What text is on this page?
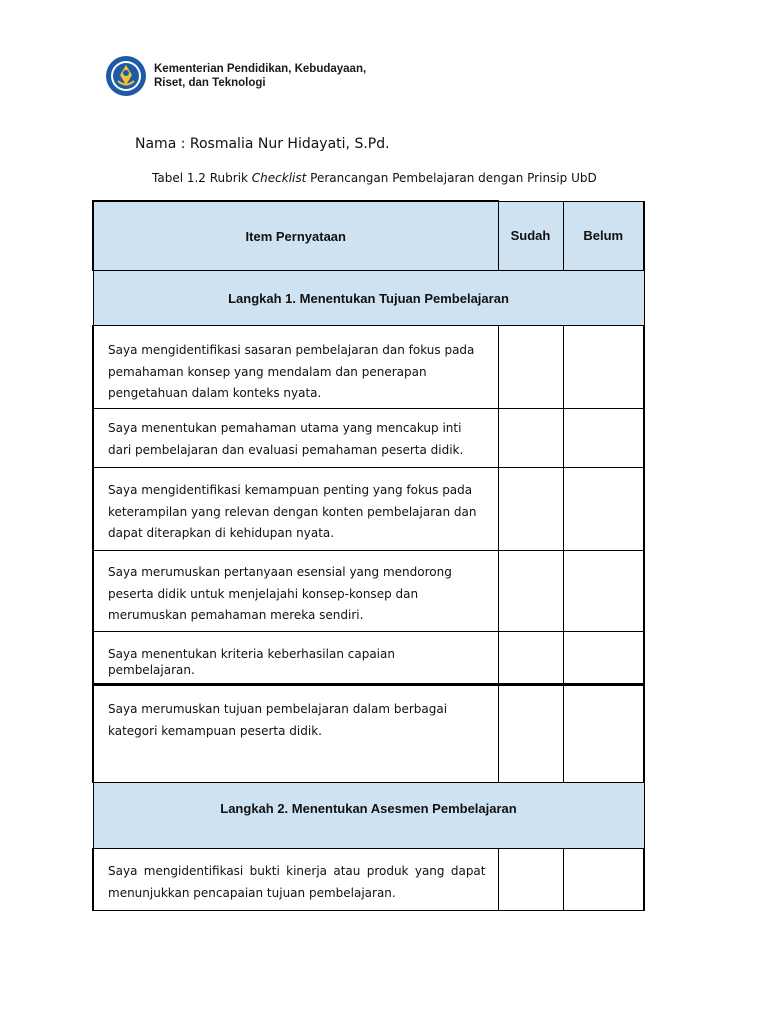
Kementerian Pendidikan, Kebudayaan,
Riset, dan Teknologi
Nama : Rosmalia Nur Hidayati, S.Pd.
Tabel 1.2 Rubrik Checklist Perancangan Pembelajaran dengan Prinsip UbD
Item Pernyataan	Sudah	Belum
Langkah 1. Menentukan Tujuan Pembelajaran		
Saya mengidentifikasi sasaran pembelajaran dan fokus pada pemahaman konsep yang mendalam dan penerapan pengetahuan dalam konteks nyata.		
Saya menentukan pemahaman utama yang mencakup inti dari pembelajaran dan evaluasi pemahaman peserta didik.		
Saya mengidentifikasi kemampuan penting yang fokus pada keterampilan yang relevan dengan konten pembelajaran dan dapat diterapkan di kehidupan nyata.		
Saya merumuskan pertanyaan esensial yang mendorong peserta didik untuk menjelajahi konsep-konsep dan merumuskan pemahaman mereka sendiri.		
Saya menentukan kriteria keberhasilan capaian pembelajaran.		
Saya merumuskan tujuan pembelajaran dalam berbagai kategori kemampuan peserta didik.		
Langkah 2. Menentukan Asesmen Pembelajaran		
Saya mengidentifikasi bukti kinerja atau produk yang dapat menunjukkan pencapaian tujuan pembelajaran.		
